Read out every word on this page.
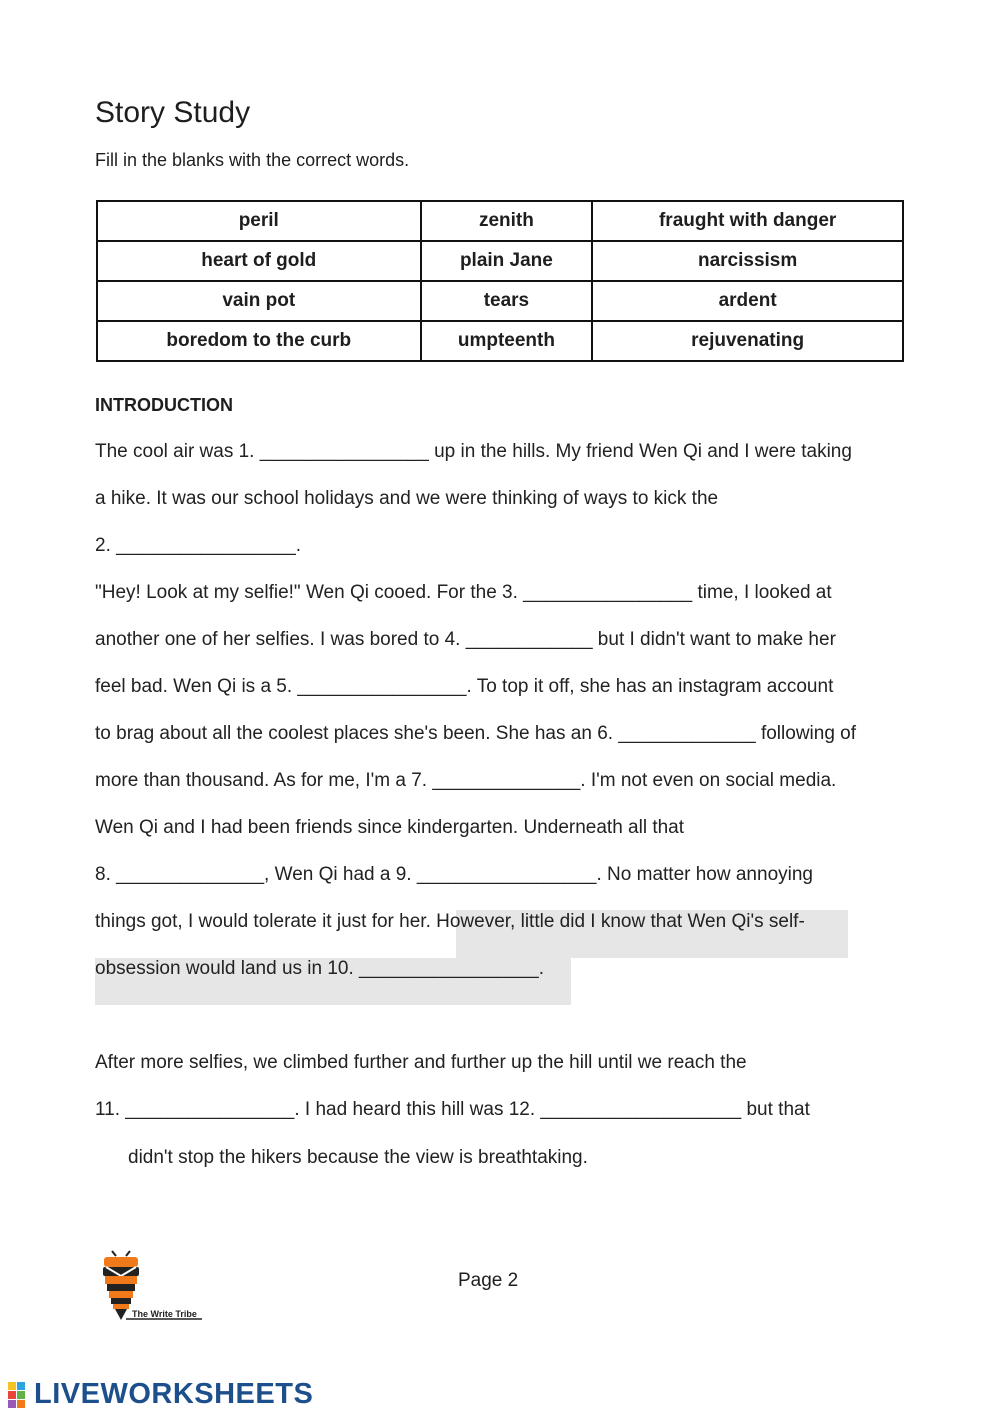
Story Study
Fill in the blanks with the correct words.
peril	zenith	fraught with danger
heart of gold	plain Jane	narcissism
vain pot	tears	ardent
boredom to the curb	umpteenth	rejuvenating
INTRODUCTION
The cool air was 1. ________________ up in the hills. My friend Wen Qi and I were taking
a hike. It was our school holidays and we were thinking of ways to kick the
2. _________________.
"Hey! Look at my selfie!" Wen Qi cooed. For the 3. ________________ time, I looked at
another one of her selfies. I was bored to 4. ____________ but I didn't want to make her
feel bad. Wen Qi is a 5. ________________. To top it off, she has an instagram account
to brag about all the coolest places she's been. She has an 6. _____________ following of
more than thousand. As for me, I'm a 7. ______________. I'm not even on social media.
Wen Qi and I had been friends since kindergarten. Underneath all that
8. ______________, Wen Qi had a 9. _________________. No matter how annoying
things got, I would tolerate it just for her. However, little did I know that Wen Qi's self-
obsession would land us in 10. _________________.
After more selfies, we climbed further and further up the hill until we reach the
11. ________________. I had heard this hill was 12. ___________________ but that
didn't stop the hikers because the view is breathtaking.
The Write Tribe
Page 2
LIVEWORKSHEETS
